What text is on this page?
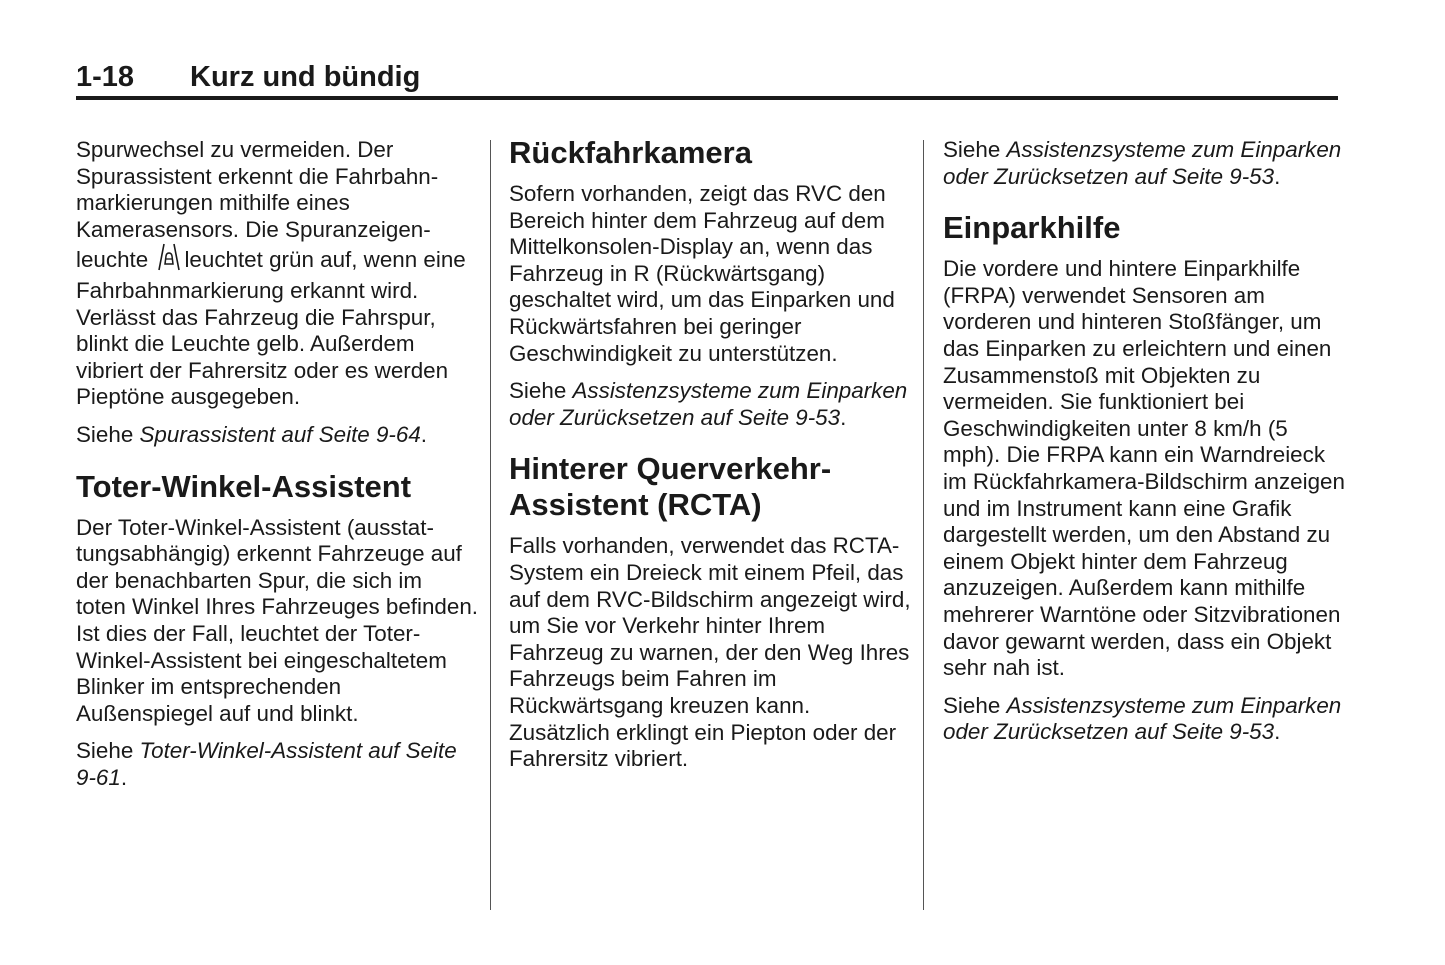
1-18 Kurz und bündig

Spurwechsel zu vermeiden. Der Spurassistent erkennt die Fahrbahnmarkierungen mithilfe eines Kamerasensors. Die Spuranzeigenleuchte leuchtet grün auf, wenn eine Fahrbahnmarkierung erkannt wird. Verlässt das Fahrzeug die Fahrspur, blinkt die Leuchte gelb. Außerdem vibriert der Fahrersitz oder es werden Pieptöne ausgegeben.

Siehe Spurassistent auf Seite 9-64.

Toter-Winkel-Assistent

Der Toter-Winkel-Assistent (ausstattungsabhängig) erkennt Fahrzeuge auf der benachbarten Spur, die sich im toten Winkel Ihres Fahrzeuges befinden. Ist dies der Fall, leuchtet der Toter-Winkel-Assistent bei eingeschaltetem Blinker im entsprechenden Außenspiegel auf und blinkt.

Siehe Toter-Winkel-Assistent auf Seite 9-61.

Rückfahrkamera

Sofern vorhanden, zeigt das RVC den Bereich hinter dem Fahrzeug auf dem Mittelkonsolen-Display an, wenn das Fahrzeug in R (Rückwärtsgang) geschaltet wird, um das Einparken und Rückwärtsfahren bei geringer Geschwindigkeit zu unterstützen.

Siehe Assistenzsysteme zum Einparken oder Zurücksetzen auf Seite 9-53.

Hinterer Querverkehr-Assistent (RCTA)

Falls vorhanden, verwendet das RCTA-System ein Dreieck mit einem Pfeil, das auf dem RVC-Bildschirm angezeigt wird, um Sie vor Verkehr hinter Ihrem Fahrzeug zu warnen, der den Weg Ihres Fahrzeugs beim Fahren im Rückwärtsgang kreuzen kann. Zusätzlich erklingt ein Piepton oder der Fahrersitz vibriert.

Siehe Assistenzsysteme zum Einparken oder Zurücksetzen auf Seite 9-53.

Einparkhilfe

Die vordere und hintere Einparkhilfe (FRPA) verwendet Sensoren am vorderen und hinteren Stoßfänger, um das Einparken zu erleichtern und einen Zusammenstoß mit Objekten zu vermeiden. Sie funktioniert bei Geschwindigkeiten unter 8 km/h (5 mph). Die FRPA kann ein Warndreieck im Rückfahrkamera-Bildschirm anzeigen und im Instrument kann eine Grafik dargestellt werden, um den Abstand zu einem Objekt hinter dem Fahrzeug anzuzeigen. Außerdem kann mithilfe mehrerer Warntöne oder Sitzvibrationen davor gewarnt werden, dass ein Objekt sehr nah ist.

Siehe Assistenzsysteme zum Einparken oder Zurücksetzen auf Seite 9-53.
